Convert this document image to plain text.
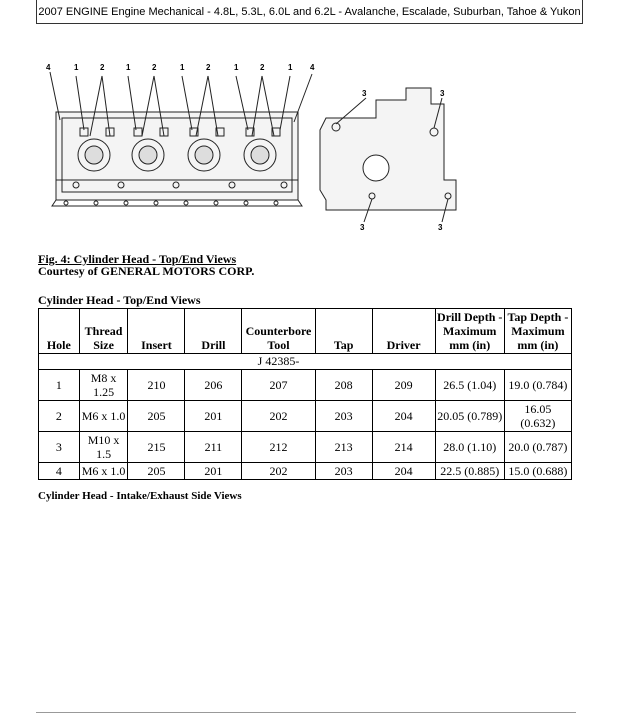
2007 ENGINE Engine Mechanical - 4.8L, 5.3L, 6.0L and 6.2L - Avalanche, Escalade, Suburban, Tahoe & Yukon
4	1	2	1	2	1	2	1	2	1 4
3	3
3	3
Fig. 4: Cylinder Head - Top/End Views
Courtesy of GENERAL MOTORS CORP.
Cylinder Head - Top/End Views
Hole	Thread Size	Insert	Drill	Counterbore Tool	Tap	Driver	Drill Depth - Maximum mm (in)	Tap Depth - Maximum mm (in)
				J 42385-				
1	M8 x 1.25	210	206	207	208	209	26.5 (1.04)	19.0 (0.784)
2	M6 x 1.0	205	201	202	203	204	20.05 (0.789)	16.05 (0.632)
3	M10 x 1.5	215	211	212	213	214	28.0 (1.10)	20.0 (0.787)
4	M6 x 1.0	205	201	202	203	204	22.5 (0.885)	15.0 (0.688)
Cylinder Head - Intake/Exhaust Side Views
